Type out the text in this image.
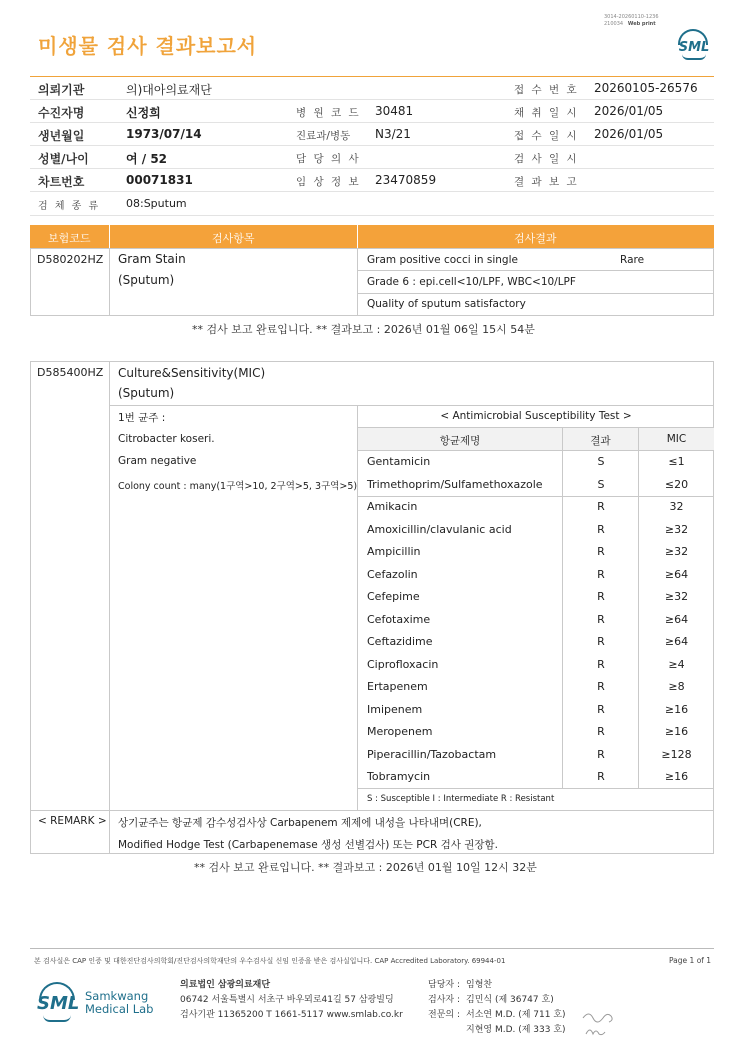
미생물 검사 결과보고서
3014-20260110-1236
210034 Web print
SML
의뢰기관	의)대아의료재단	접 수 번 호 20260105-26576
수진자명	신정희	병 원 코 드 30481	채 취 일 시 2026/01/05
생년월일	1973/07/14	진료과/병동 N3/21	접 수 일 시 2026/01/05
성별/나이	여 / 52	담 당 의 사	검 사 일 시
차트번호	00071831	임 상 정 보 23470859	결 과 보 고
검 체 종 류 08:Sputum
보험코드	검사항목	검사결과
D580202HZ Gram Stain
(Sputum)
Gram positive cocci in single	Rare
Grade 6 : epi.cell<10/LPF, WBC<10/LPF
Quality of sputum satisfactory
** 검사 보고 완료입니다. ** 결과보고 : 2026년 01월 06일 15시 54분
D585400HZ Culture&Sensitivity(MIC)
(Sputum)
1번 균주 :
Citrobacter koseri.
Gram negative
Colony count : many(1구역>10, 2구역>5, 3구역>5)
< Antimicrobial Susceptibility Test >
항균제명	결과	MIC
Gentamicin	S	≤1
Trimethoprim/Sulfamethoxazole	S	≤20
Amikacin	R	32
Amoxicillin/clavulanic acid	R	≥32
Ampicillin	R	≥32
Cefazolin	R	≥64
Cefepime	R	≥32
Cefotaxime	R	≥64
Ceftazidime	R	≥64
Ciprofloxacin	R	≥4
Ertapenem	R	≥8
Imipenem	R	≥16
Meropenem	R	≥16
Piperacillin/Tazobactam	R	≥128
Tobramycin	R	≥16
S : Susceptible I : Intermediate R : Resistant
< REMARK > 상기균주는 항균제 감수성검사상 Carbapenem 제제에 내성을 나타내며(CRE),
Modified Hodge Test (Carbapenemase 생성 선별검사) 또는 PCR 검사 권장함.
** 검사 보고 완료입니다. ** 결과보고 : 2026년 01월 10일 12시 32분
본 검사실은 CAP 인증 및 대한진단검사의학회/진단검사의학재단의 우수검사실 신임 인증을 받은 검사실입니다. CAP Accredited Laboratory. 69944-01	Page 1 of 1
SML Samkwang
Medical Lab
의료법인 삼광의료재단
06742 서울특별시 서초구 바우뫼로41길 57 삼광빌딩
검사기관 11365200 T 1661-5117 www.smlab.co.kr
담당자 : 임형찬
검사자 : 김민식 (제 36747 호)
전문의 : 서소연 M.D. (제 711 호)
지현영 M.D. (제 333 호)
